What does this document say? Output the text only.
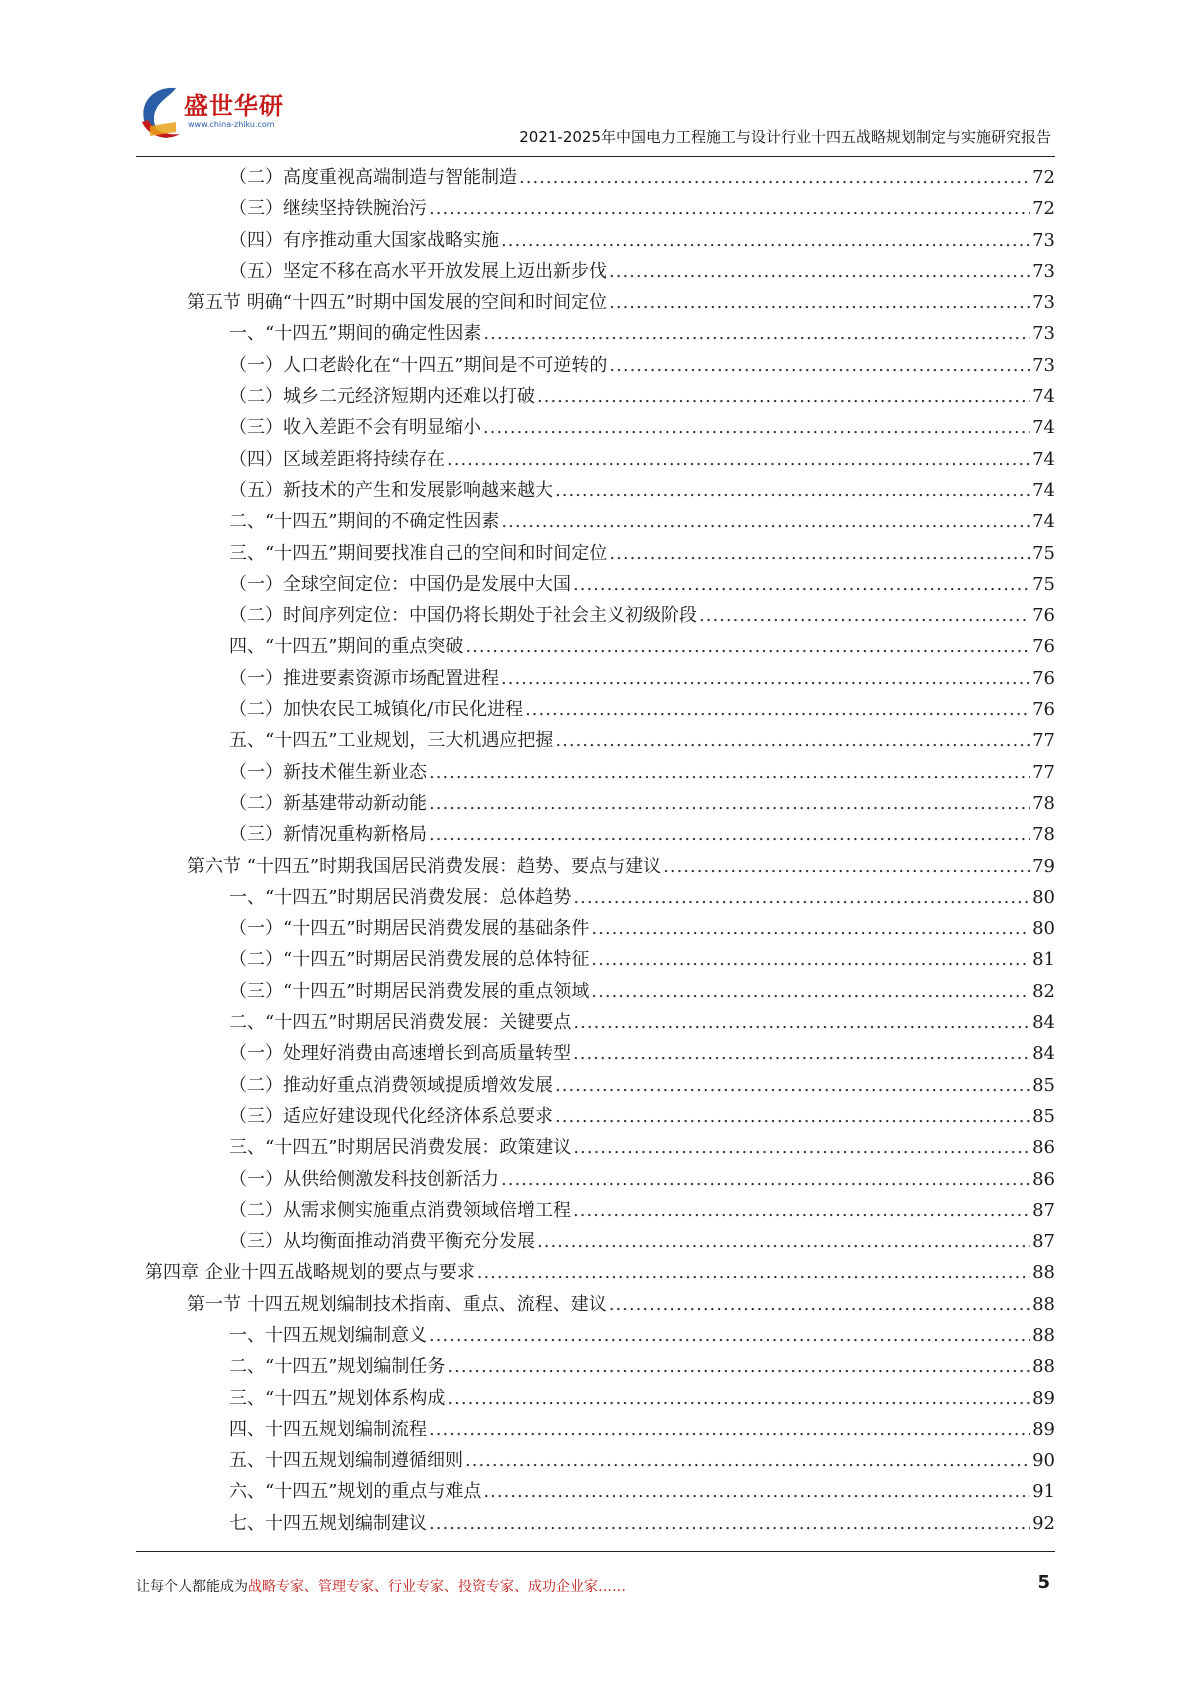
盛世华研
www.china-zhiku.com
2021-2025年中国电力工程施工与设计行业十四五战略规划制定与实施研究报告
（二）高度重视高端制造与智能制造 .....	72
（三）继续坚持铁腕治污 .....	72
（四）有序推动重大国家战略实施 .....	73
（五）坚定不移在高水平开放发展上迈出新步伐 .....	73
第五节 明确“十四五”时期中国发展的空间和时间定位 .....	73
一、“十四五”期间的确定性因素 .....	73
（一）人口老龄化在“十四五”期间是不可逆转的 .....	73
（二）城乡二元经济短期内还难以打破 .....	74
（三）收入差距不会有明显缩小 .....	74
（四）区域差距将持续存在 .....	74
（五）新技术的产生和发展影响越来越大 .....	74
二、“十四五”期间的不确定性因素 .....	74
三、“十四五”期间要找准自己的空间和时间定位 .....	75
（一）全球空间定位：中国仍是发展中大国 .....	75
（二）时间序列定位：中国仍将长期处于社会主义初级阶段 .....	76
四、“十四五”期间的重点突破 .....	76
（一）推进要素资源市场配置进程 .....	76
（二）加快农民工城镇化/市民化进程 .....	76
五、“十四五”工业规划，三大机遇应把握 .....	77
（一）新技术催生新业态 .....	77
（二）新基建带动新动能 .....	78
（三）新情况重构新格局 .....	78
第六节 “十四五”时期我国居民消费发展：趋势、要点与建议 .....	79
一、“十四五”时期居民消费发展：总体趋势 .....	80
（一）“十四五”时期居民消费发展的基础条件 .....	80
（二）“十四五”时期居民消费发展的总体特征 .....	81
（三）“十四五”时期居民消费发展的重点领域 .....	82
二、“十四五”时期居民消费发展：关键要点 .....	84
（一）处理好消费由高速增长到高质量转型 .....	84
（二）推动好重点消费领域提质增效发展 .....	85
（三）适应好建设现代化经济体系总要求 .....	85
三、“十四五”时期居民消费发展：政策建议 .....	86
（一）从供给侧激发科技创新活力 .....	86
（二）从需求侧实施重点消费领域倍增工程 .....	87
（三）从均衡面推动消费平衡充分发展 .....	87
第四章 企业十四五战略规划的要点与要求 .....	88
第一节 十四五规划编制技术指南、重点、流程、建议 .....	88
一、十四五规划编制意义 .....	88
二、“十四五”规划编制任务 .....	88
三、“十四五”规划体系构成 .....	89
四、十四五规划编制流程 .....	89
五、十四五规划编制遵循细则 .....	90
六、“十四五”规划的重点与难点 .....	91
七、十四五规划编制建议 .....	92
让每个人都能成为战略专家、管理专家、行业专家、投资专家、成功企业家……	5
